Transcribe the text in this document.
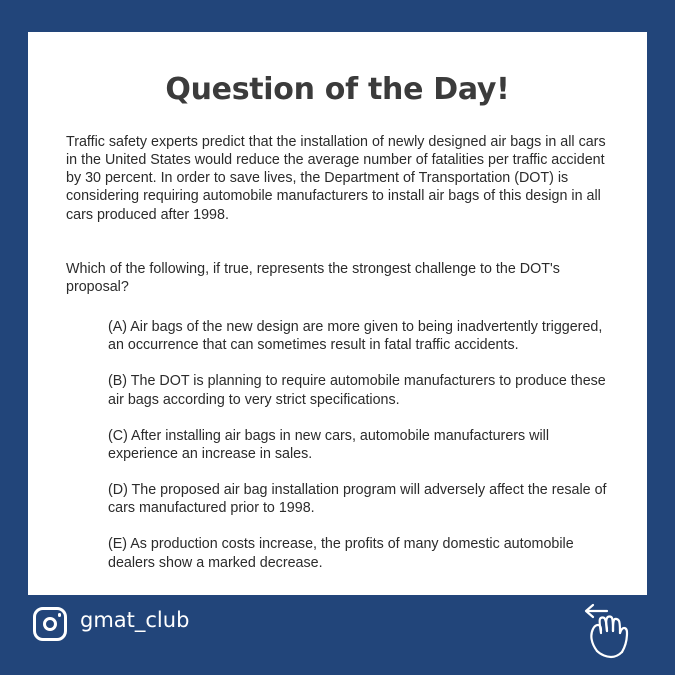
Question of the Day!

Traffic safety experts predict that the installation of newly designed air bags in all cars in the United States would reduce the average number of fatalities per traffic accident by 30 percent. In order to save lives, the Department of Transportation (DOT) is considering requiring automobile manufacturers to install air bags of this design in all cars produced after 1998.

Which of the following, if true, represents the strongest challenge to the DOT's proposal?

(A) Air bags of the new design are more given to being inadvertently triggered, an occurrence that can sometimes result in fatal traffic accidents.
(B) The DOT is planning to require automobile manufacturers to produce these air bags according to very strict specifications.
(C) After installing air bags in new cars, automobile manufacturers will experience an increase in sales.
(D) The proposed air bag installation program will adversely affect the resale of cars manufactured prior to 1998.
(E) As production costs increase, the profits of many domestic automobile dealers show a marked decrease.
gmat_club
